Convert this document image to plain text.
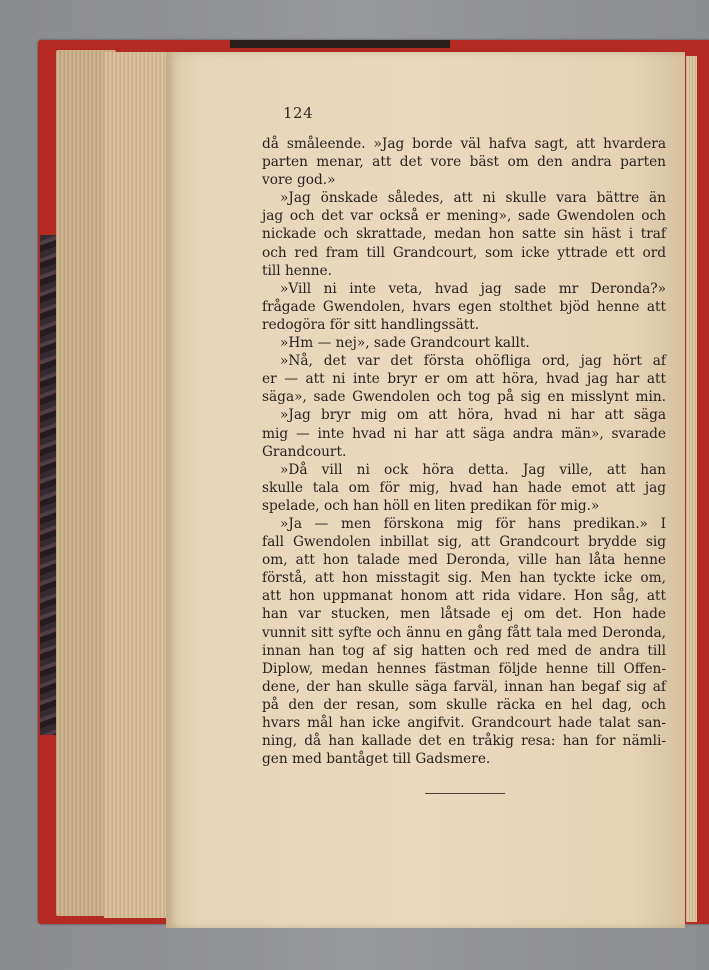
124
då småleende. »Jag borde väl hafva sagt, att hvardera
parten menar, att det vore bäst om den andra parten
vore god.»
»Jag önskade således, att ni skulle vara bättre än
jag och det var också er mening», sade Gwendolen och
nickade och skrattade, medan hon satte sin häst i traf
och red fram till Grandcourt, som icke yttrade ett ord
till henne.
»Vill ni inte veta, hvad jag sade mr Deronda?»
frågade Gwendolen, hvars egen stolthet bjöd henne att
redogöra för sitt handlingssätt.
»Hm — nej», sade Grandcourt kallt.
»Nå, det var det första ohöfliga ord, jag hört af
er — att ni inte bryr er om att höra, hvad jag har att
säga», sade Gwendolen och tog på sig en misslynt min.
»Jag bryr mig om att höra, hvad ni har att säga
mig — inte hvad ni har att säga andra män», svarade
Grandcourt.
»Då vill ni ock höra detta. Jag ville, att han
skulle tala om för mig, hvad han hade emot att jag
spelade, och han höll en liten predikan för mig.»
»Ja — men förskona mig för hans predikan.» I
fall Gwendolen inbillat sig, att Grandcourt brydde sig
om, att hon talade med Deronda, ville han låta henne
förstå, att hon misstagit sig. Men han tyckte icke om,
att hon uppmanat honom att rida vidare. Hon såg, att
han var stucken, men låtsade ej om det. Hon hade
vunnit sitt syfte och ännu en gång fått tala med Deronda,
innan han tog af sig hatten och red med de andra till
Diplow, medan hennes fästman följde henne till Offen-
dene, der han skulle säga farväl, innan han begaf sig af
på den der resan, som skulle räcka en hel dag, och
hvars mål han icke angifvit. Grandcourt hade talat san-
ning, då han kallade det en tråkig resa: han for nämli-
gen med bantåget till Gadsmere.
